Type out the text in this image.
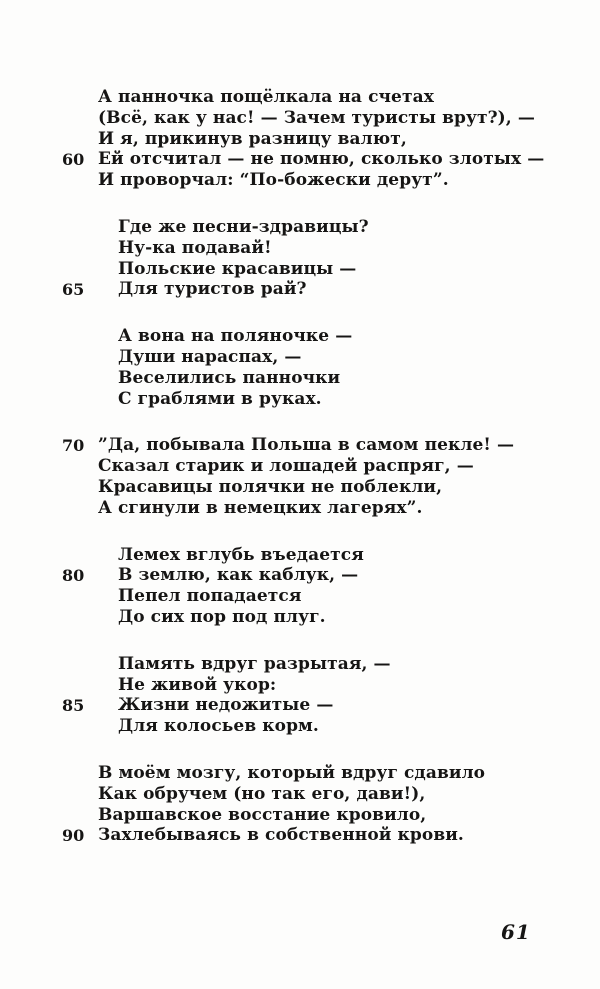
А панночка пощёлкала на счетах
(Всё, как у нас! — Зачем туристы врут?), —
И я, прикинув разницу валют,
60 Ей отсчитал — не помню, сколько злотых —
И проворчал: “По-божески дерут”.
Где же песни-здравицы?
Ну-ка подавай!
Польские красавицы —
65 Для туристов рай?
А вона на поляночке —
Души нараспах, —
Веселились панночки
С граблями в руках.
70 ”Да, побывала Польша в самом пекле! —
Сказал старик и лошадей распряг, —
Красавицы полячки не поблекли,
А сгинули в немецких лагерях”.
Лемех вглубь въедается
80 В землю, как каблук, —
Пепел попадается
До сих пор под плуг.
Память вдруг разрытая, —
Не живой укор:
85 Жизни недожитые —
Для колосьев корм.
В моём мозгу, который вдруг сдавило
Как обручем (но так его, дави!),
Варшавское восстание кровило,
90 Захлебываясь в собственной крови.
61
